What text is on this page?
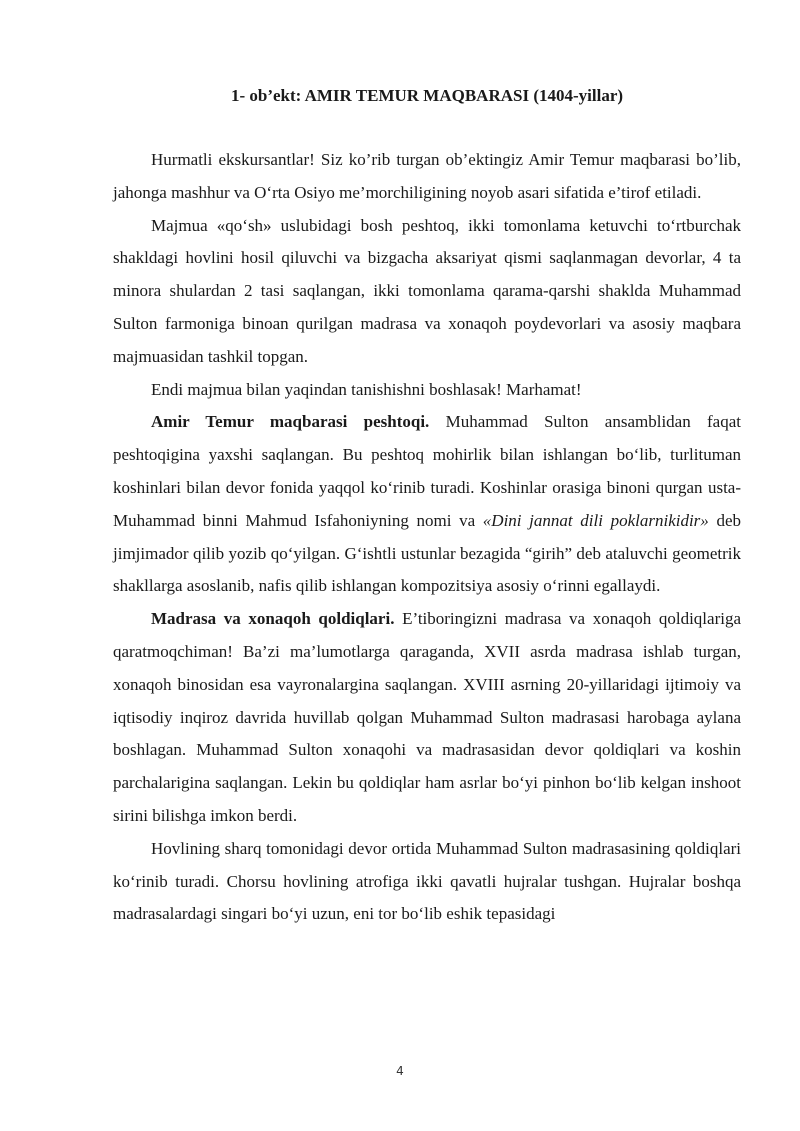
1- ob’ekt: AMIR TEMUR MAQBARASI (1404-yillar)

Hurmatli ekskursantlar! Siz ko’rib turgan ob’ektingiz Amir Temur maqbarasi bo’lib, jahonga mashhur va O‘rta Osiyo me’morchiligining noyob asari sifatida e’tirof etiladi.

Majmua «qo‘sh» uslubidagi bosh peshtoq, ikki tomonlama ketuvchi to‘rtburchak shakldagi hovlini hosil qiluvchi va bizgacha aksariyat qismi saqlanmagan devorlar, 4 ta minora shulardan 2 tasi saqlangan, ikki tomonlama qarama-qarshi shaklda Muhammad Sulton farmoniga binoan qurilgan madrasa va xonaqoh poydevorlari va asosiy maqbara majmuasidan tashkil topgan.

Endi majmua bilan yaqindan tanishishni boshlasak! Marhamat!

Amir Temur maqbarasi peshtoqi. Muhammad Sulton ansamblidan faqat peshtoqigina yaxshi saqlangan. Bu peshtoq mohirlik bilan ishlangan bo‘lib, turlituman koshinlari bilan devor fonida yaqqol ko‘rinib turadi. Koshinlar orasiga binoni qurgan usta-Muhammad binni Mahmud Isfahoniyning nomi va «Dini jannat dili poklarnikidir» deb jimjimador qilib yozib qo‘yilgan. G‘ishtli ustunlar bezagida “girih” deb ataluvchi geometrik shakllarga asoslanib, nafis qilib ishlangan kompozitsiya asosiy o‘rinni egallaydi.

Madrasa va xonaqoh qoldiqlari. E’tiboringizni madrasa va xonaqoh qoldiqlariga qaratmoqchiman! Ba’zi ma’lumotlarga qaraganda, XVII asrda madrasa ishlab turgan, xonaqoh binosidan esa vayronalargina saqlangan. XVIII asrning 20-yillaridagi ijtimoiy va iqtisodiy inqiroz davrida huvillab qolgan Muhammad Sulton madrasasi harobaga aylana boshlagan. Muhammad Sulton xonaqohi va madrasasidan devor qoldiqlari va koshin parchalarigina saqlangan. Lekin bu qoldiqlar ham asrlar bo‘yi pinhon bo‘lib kelgan inshoot sirini bilishga imkon berdi.

Hovlining sharq tomonidagi devor ortida Muhammad Sulton madrasasining qoldiqlari ko‘rinib turadi. Chorsu hovlining atrofiga ikki qavatli hujralar tushgan. Hujralar boshqa madrasalardagi singari bo‘yi uzun, eni tor bo‘lib eshik tepasidagi

4
